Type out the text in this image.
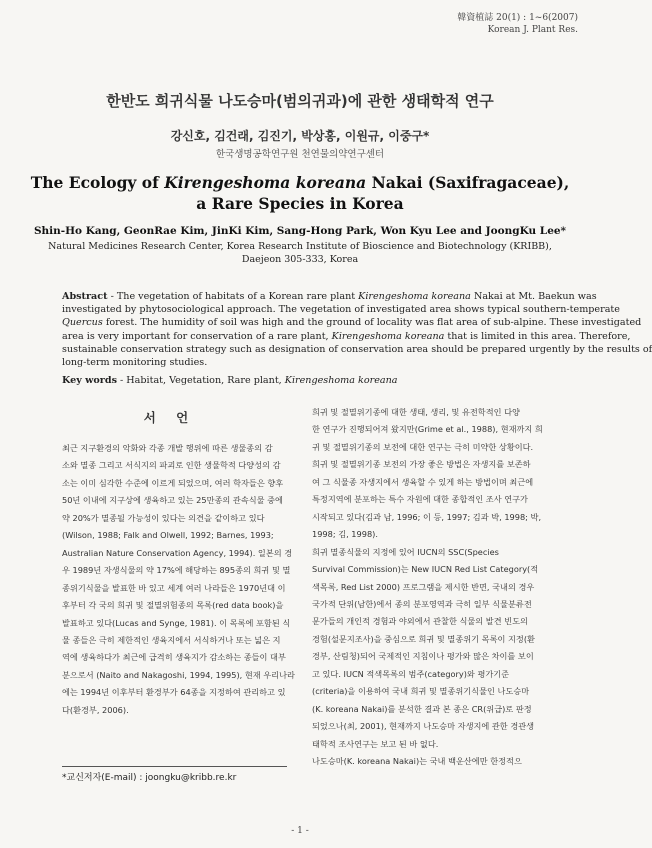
韓資植誌 20(1) : 1~6(2007)
Korean J. Plant Res.
한반도 희귀식물 나도승마(범의귀과)에 관한 생태학적 연구
강신호, 김건래, 김진기, 박상홍, 이원규, 이중구*
한국생명공학연구원 천연물의약연구센터
The Ecology of Kirengeshoma koreana Nakai (Saxifragaceae),
a Rare Species in Korea
Shin-Ho Kang, GeonRae Kim, JinKi Kim, Sang-Hong Park, Won Kyu Lee and JoongKu Lee*
Natural Medicines Research Center, Korea Research Institute of Bioscience and Biotechnology (KRIBB),
Daejeon 305-333, Korea
Abstract - The vegetation of habitats of a Korean rare plant Kirengeshoma koreana Nakai at Mt. Baekun was
investigated by phytosociological approach. The vegetation of investigated area shows typical southern-temperate
Quercus forest. The humidity of soil was high and the ground of locality was flat area of sub-alpine. These investigated
area is very important for conservation of a rare plant, Kirengeshoma koreana that is limited in this area. Therefore,
sustainable conservation strategy such as designation of conservation area should be prepared urgently by the results of
long-term monitoring studies.
Key words - Habitat, Vegetation, Rare plant, Kirengeshoma koreana
서 언
최근 지구환경의 악화와 각종 개발 행위에 따른 생물종의 감
소와 멸종 그리고 서식지의 파괴로 인한 생물학적 다양성의 감
소는 이미 심각한 수준에 이르게 되었으며, 여러 학자들은 향후
50년 이내에 지구상에 생육하고 있는 25만종의 관속식물 중에
약 20%가 멸종될 가능성이 있다는 의견을 같이하고 있다
(Wilson, 1988; Falk and Olwell, 1992; Barnes, 1993;
Australian Nature Conservation Agency, 1994). 일본의 경
우 1989년 자생식물의 약 17%에 해당하는 895종의 희귀 및 멸
종위기식물을 발표한 바 있고 세계 여러 나라들은 1970년대 이
후부터 각 국의 희귀 및 절멸위험종의 목록(red data book)을
발표하고 있다(Lucas and Synge, 1981). 이 목록에 포함된 식
물 종들은 극히 제한적인 생육지에서 서식하거나 또는 넓은 지
역에 생육하다가 최근에 급격히 생육지가 감소하는 종들이 대부
분으로서 (Naito and Nakagoshi, 1994, 1995), 현재 우리나라
에는 1994년 이후부터 환경부가 64종을 지정하여 관리하고 있
다(환경부, 2006).
희귀 및 절멸위기종에 대한 생태, 생리, 및 유전학적인 다양
한 연구가 진행되어져 왔지만(Grime et al., 1988), 현재까지 희
귀 및 절멸위기종의 보전에 대한 연구는 극히 미약한 상황이다.
희귀 및 절멸위기종 보전의 가장 좋은 방법은 자생지를 보존하
여 그 식물종 자생지에서 생육할 수 있게 하는 방법이며 최근에
특정지역에 분포하는 특수 자원에 대한 종합적인 조사 연구가
시작되고 있다(김과 남, 1996; 이 등, 1997; 김과 박, 1998; 박,
1998; 김, 1998).
희귀 멸종식물의 지정에 있어 IUCN의 SSC(Species
Survival Commission)는 New IUCN Red List Category(적
색목록, Red List 2000) 프로그램을 제시한 반면, 국내의 경우
국가적 단위(남한)에서 종의 분포영역과 극히 일부 식물분류전
문가들의 개인적 경험과 야외에서 관찰한 식물의 발견 빈도의
경험(설문지조사)을 중심으로 희귀 및 멸종위기 목록이 지정(환
경부, 산림청)되어 국제적인 지침이나 평가와 많은 차이를 보이
고 있다. IUCN 적색목록의 범주(category)와 평가기준
(criteria)을 이용하여 국내 희귀 및 멸종위기식물인 나도승마
(K. koreana Nakai)를 분석한 결과 본 종은 CR(위급)로 판정
되었으나(최, 2001), 현재까지 나도승마 자생지에 관한 경관생
태학적 조사연구는 보고 된 바 없다.
나도승마(K. koreana Nakai)는 국내 백운산에만 한정적으
*교신저자(E-mail) : joongku@kribb.re.kr
- 1 -
